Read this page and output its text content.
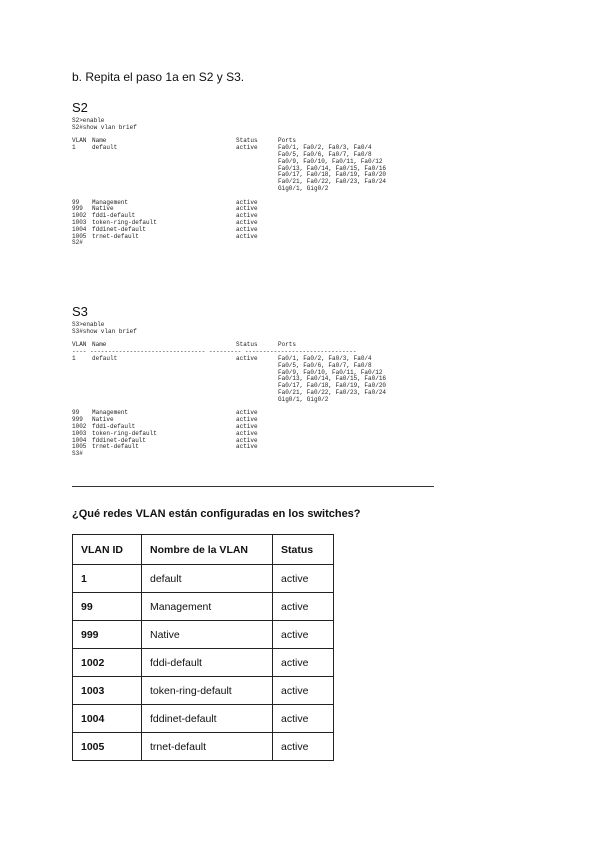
b. Repita el paso 1a en S2 y S3.
S2
S2>enable
S2#show vlan brief

VLAN Name	Status	Ports
1	default	active	Fa0/1, Fa0/2, Fa0/3, Fa0/4
Fa0/5, Fa0/6, Fa0/7, Fa0/8
Fa0/9, Fa0/10, Fa0/11, Fa0/12
Fa0/13, Fa0/14, Fa0/15, Fa0/16
Fa0/17, Fa0/18, Fa0/19, Fa0/20
Fa0/21, Fa0/22, Fa0/23, Fa0/24
Gig0/1, Gig0/2

99	Management	active
999	Native	active
1002 fddi-default	active
1003 token-ring-default	active
1004 fddinet-default	active
1005 trnet-default	active
S2#
S3
S3>enable
S3#show vlan brief

VLAN Name	Status	Ports
---- -------------------------------- --------- -------------------------------
1	default	active	Fa0/1, Fa0/2, Fa0/3, Fa0/4
Fa0/5, Fa0/6, Fa0/7, Fa0/8
Fa0/9, Fa0/10, Fa0/11, Fa0/12
Fa0/13, Fa0/14, Fa0/15, Fa0/16
Fa0/17, Fa0/18, Fa0/19, Fa0/20
Fa0/21, Fa0/22, Fa0/23, Fa0/24
Gig0/1, Gig0/2

99	Management	active
999	Native	active
1002 fddi-default	active
1003 token-ring-default	active
1004 fddinet-default	active
1005 trnet-default	active
S3#
¿Qué redes VLAN están configuradas en los switches?
VLAN ID	Nombre de la VLAN	Status
1	default	active
99	Management	active
999	Native	active
1002	fddi-default	active
1003	token-ring-default	active
1004	fddinet-default	active
1005	trnet-default	active
